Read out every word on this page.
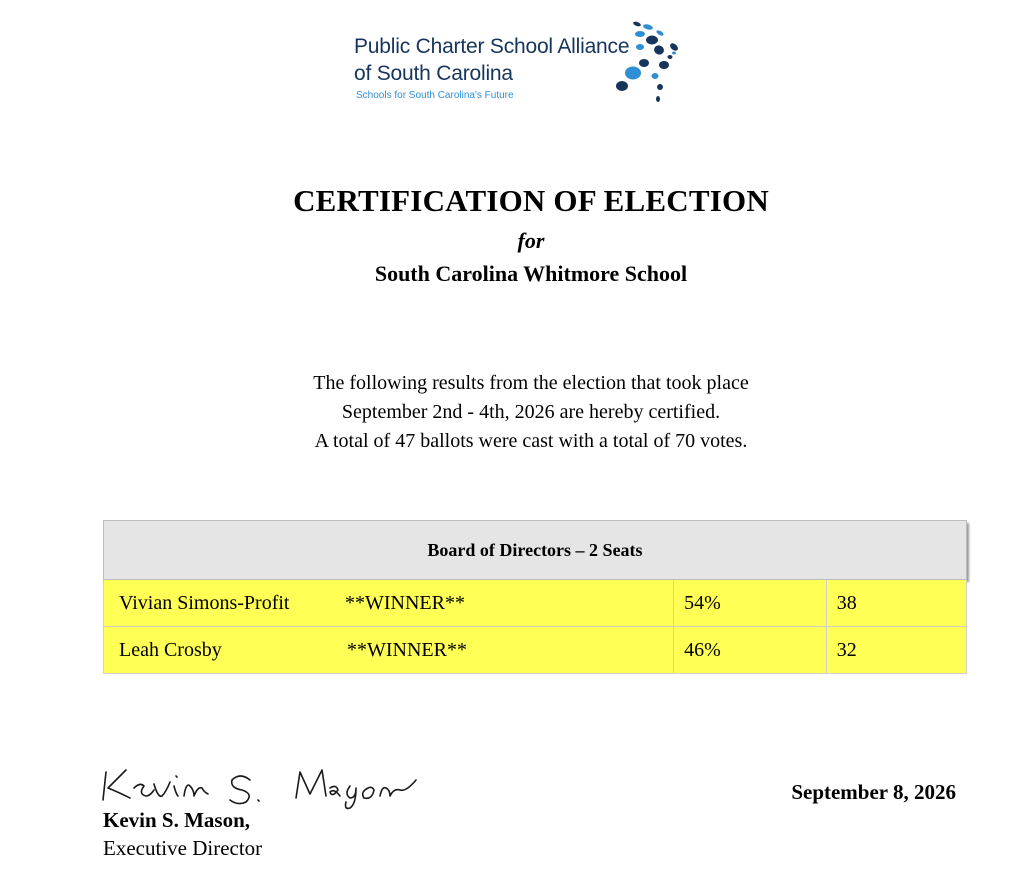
Public Charter School Alliance
of South Carolina
Schools for South Carolina's Future
CERTIFICATION OF ELECTION
for
South Carolina Whitmore School
The following results from the election that took place
September 2nd - 4th, 2026 are hereby certified.
A total of 47 ballots were cast with a total of 70 votes.
Board of Directors – 2 Seats		
Vivian Simons-Profit **WINNER**	54%	38
Leah Crosby **WINNER**	46%	32
Kevin S. Mason,
Executive Director
September 8, 2026
